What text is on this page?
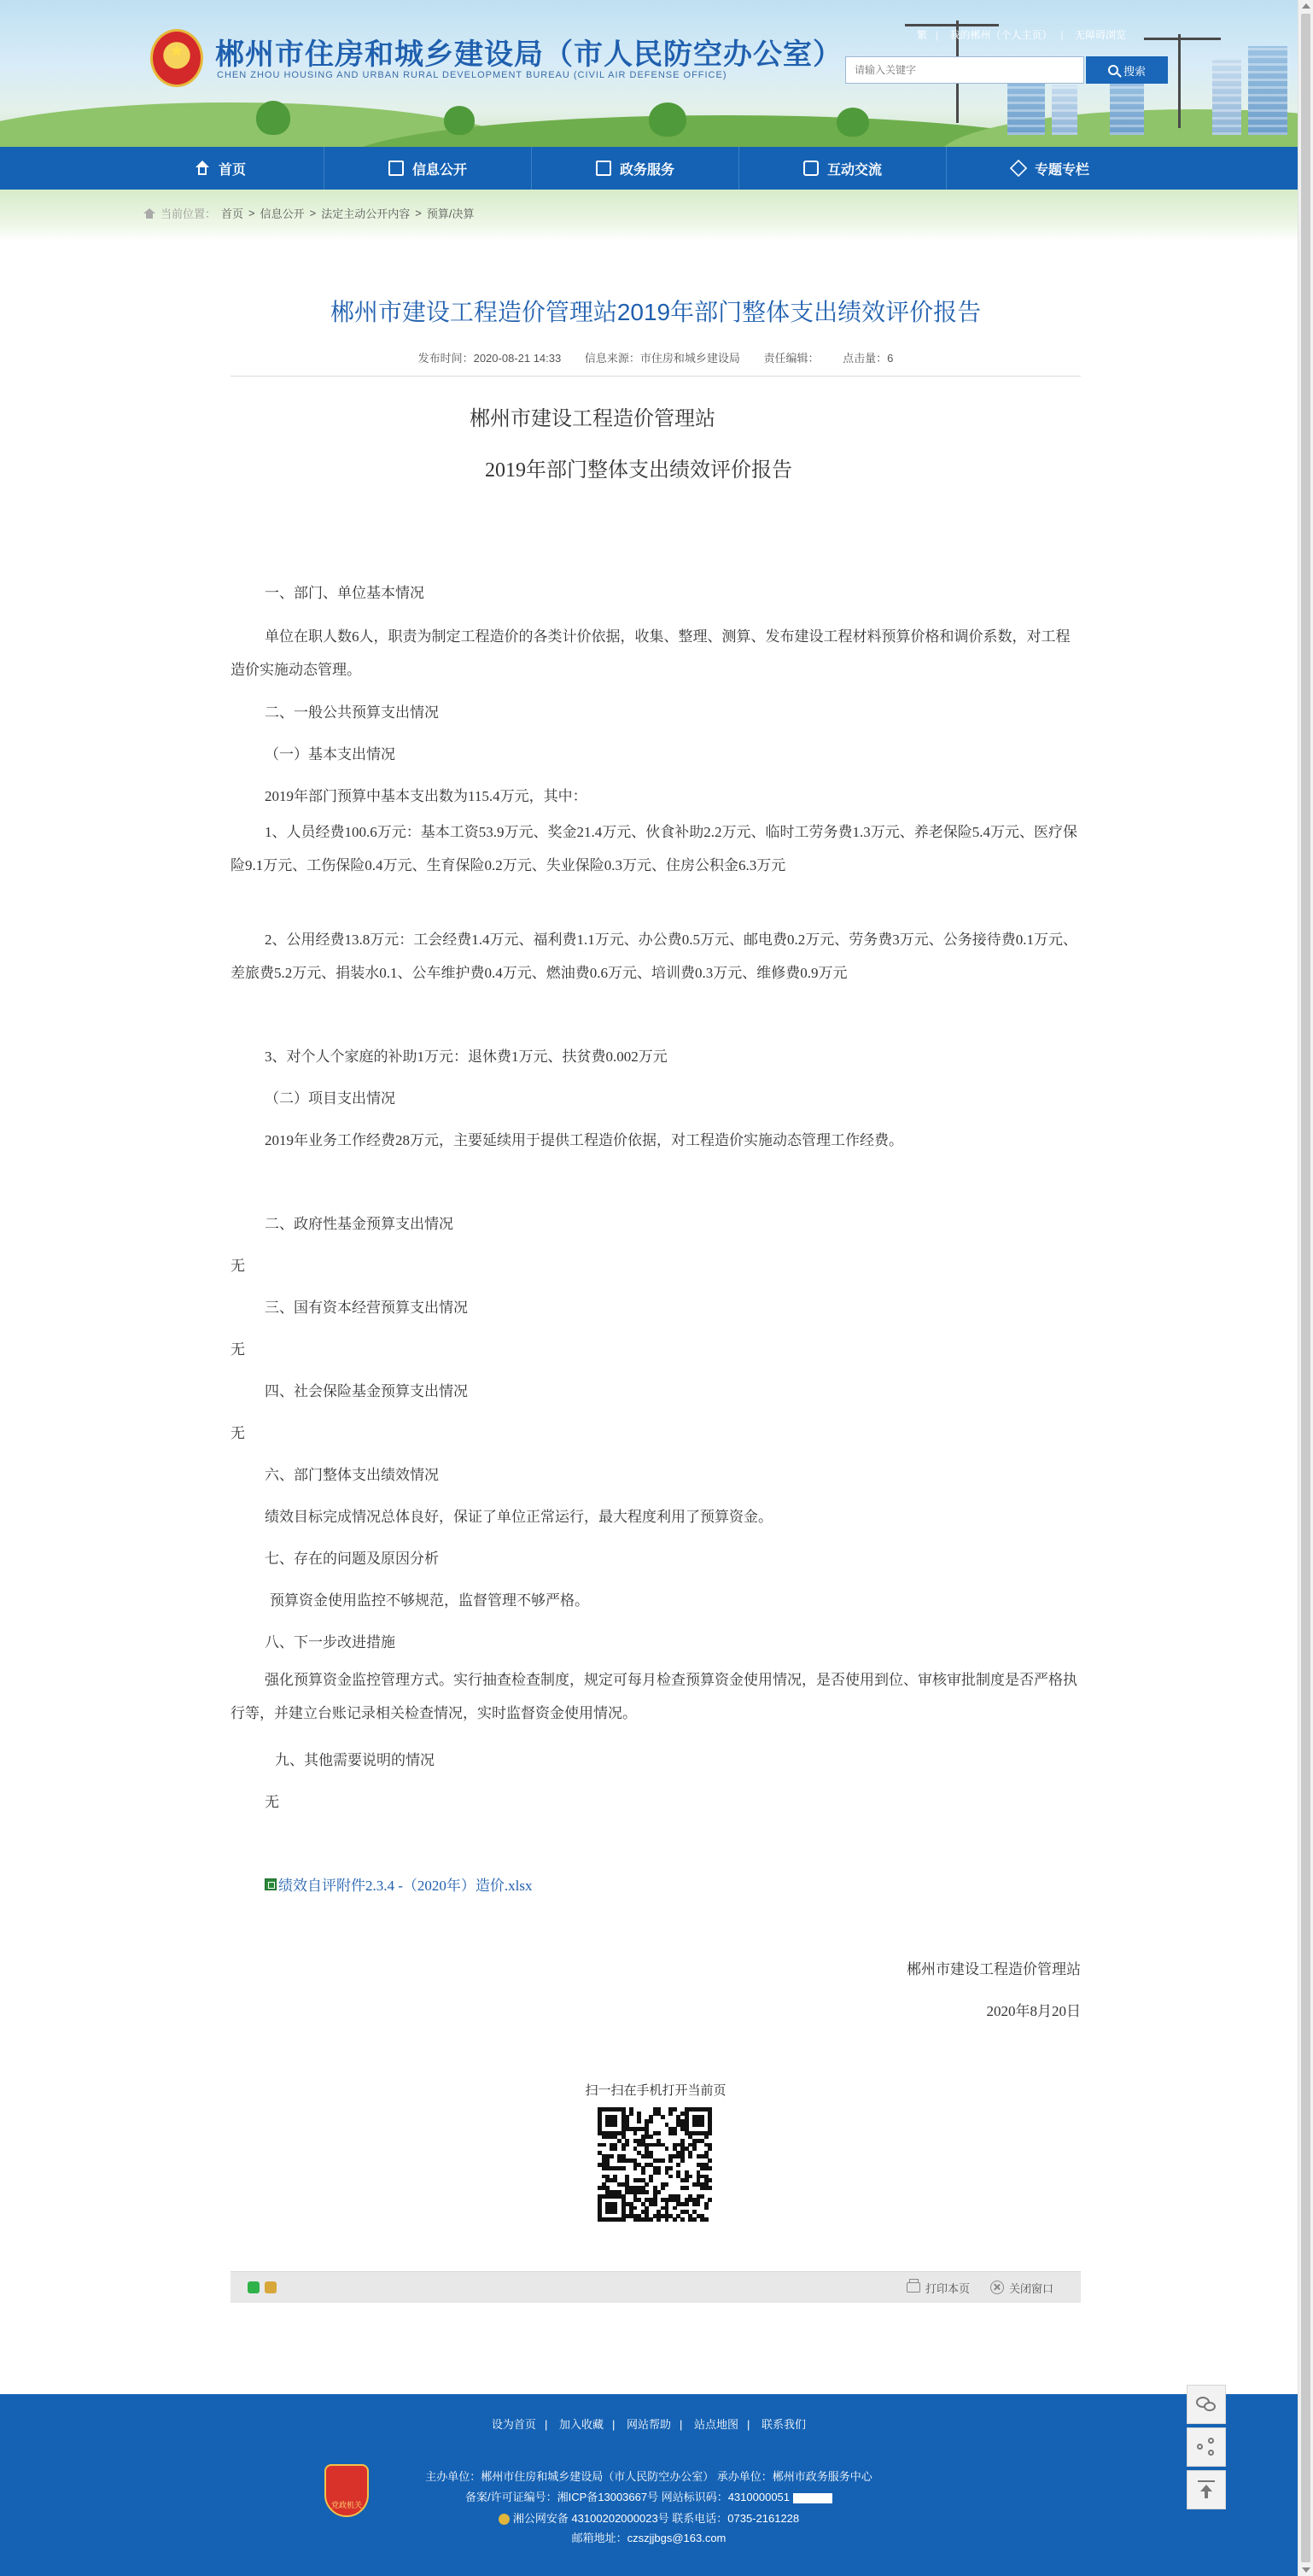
★	郴州市住房和城乡建设局（市人民防空办公室）
CHEN ZHOU HOUSING AND URBAN RURAL DEVELOPMENT BUREAU (CIVIL AIR DEFENSE OFFICE)
繁 | 我的郴州（个人主页） | 无障碍浏览
请输入关键字
搜索
首页	信息公开	政务服务	互动交流	专题专栏
当前位置： 首页 > 信息公开 > 法定主动公开内容 > 预算/决算
郴州市建设工程造价管理站2019年部门整体支出绩效评价报告
发布时间：2020-08-21 14:33 信息来源：市住房和城乡建设局 责任编辑： 点击量：6
郴州市建设工程造价管理站
2019年部门整体支出绩效评价报告
一、部门、单位基本情况
单位在职人数6人，职责为制定工程造价的各类计价依据，收集、整理、测算、发布建设工程材料预算价格和调价系数，对工程造价实施动态管理。
二、一般公共预算支出情况
（一）基本支出情况
2019年部门预算中基本支出数为115.4万元，其中：
1、人员经费100.6万元：基本工资53.9万元、奖金21.4万元、伙食补助2.2万元、临时工劳务费1.3万元、养老保险5.4万元、医疗保险9.1万元、工伤保险0.4万元、生育保险0.2万元、失业保险0.3万元、住房公积金6.3万元
2、公用经费13.8万元：工会经费1.4万元、福利费1.1万元、办公费0.5万元、邮电费0.2万元、劳务费3万元、公务接待费0.1万元、差旅费5.2万元、捐装水0.1、公车维护费0.4万元、燃油费0.6万元、培训费0.3万元、维修费0.9万元
3、对个人个家庭的补助1万元：退休费1万元、扶贫费0.002万元
（二）项目支出情况
2019年业务工作经费28万元，主要延续用于提供工程造价依据，对工程造价实施动态管理工作经费。
二、政府性基金预算支出情况
无
三、国有资本经营预算支出情况
无
四、社会保险基金预算支出情况
无
六、部门整体支出绩效情况
绩效目标完成情况总体良好，保证了单位正常运行，最大程度利用了预算资金。
七、存在的问题及原因分析
预算资金使用监控不够规范，监督管理不够严格。
八、下一步改进措施
强化预算资金监控管理方式。实行抽查检查制度，规定可每月检查预算资金使用情况，是否使用到位、审核审批制度是否严格执行等，并建立台账记录相关检查情况，实时监督资金使用情况。
九、其他需要说明的情况
无
绩效自评附件2.3.4 -（2020年）造价.xlsx
郴州市建设工程造价管理站
2020年8月20日
扫一扫在手机打开当前页
打印本页	关闭窗口
设为首页 | 加入收藏 | 网站帮助 | 站点地图 | 联系我们
党政机关
主办单位：郴州市住房和城乡建设局（市人民防空办公室） 承办单位：郴州市政务服务中心
备案/许可证编号：湘ICP备13003667号 网站标识码：4310000051
湘公网安备 43100202000023号 联系电话：0735-2161228
邮箱地址：czszjjbgs@163.com
